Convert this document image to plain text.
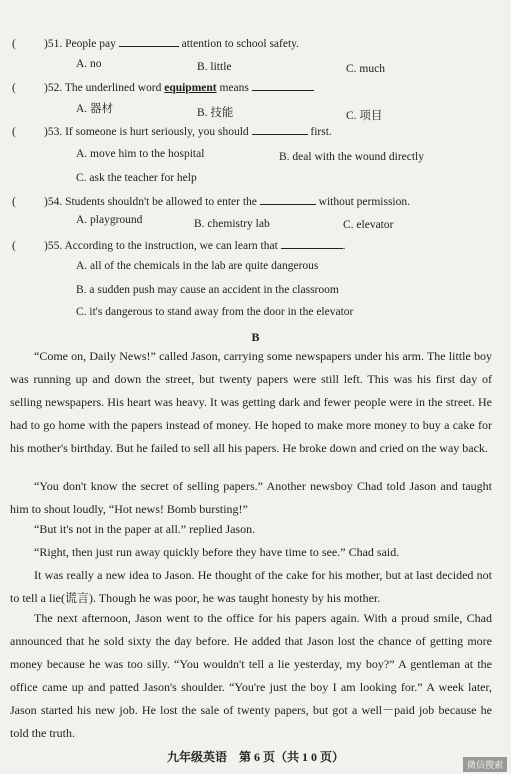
( )51. People pay	attention to school safety.
A. no	B. little	C. much
( )52. The underlined word equipment means
A. 器材	B. 技能	C. 项目
( )53. If someone is hurt seriously, you should	first.
A. move him to the hospital	B. deal with the wound directly
C. ask the teacher for help
( )54. Students shouldn't be allowed to enter the	without permission.
A. playground	B. chemistry lab	C. elevator
( )55. According to the instruction, we can learn that	.
A. all of the chemicals in the lab are quite dangerous
B. a sudden push may cause an accident in the classroom
C. it's dangerous to stand away from the door in the elevator
B
“Come on, Daily News!” called Jason, carrying some newspapers under his arm. The little boy was running up and down the street, but twenty papers were still left. This was his first day of selling newspapers. His heart was heavy. It was getting dark and fewer people were in the street. He had to go home with the papers instead of money. He hoped to make more money to buy a cake for his mother's birthday. But he failed to sell all his papers. He broke down and cried on the way back.
“You don't know the secret of selling papers.” Another newsboy Chad told Jason and taught him to shout loudly, “Hot news! Bomb bursting!”
“But it's not in the paper at all.” replied Jason.
“Right, then just run away quickly before they have time to see.” Chad said.
It was really a new idea to Jason. He thought of the cake for his mother, but at last decided not to tell a lie(谎言). Though he was poor, he was taught honesty by his mother.
The next afternoon, Jason went to the office for his papers again. With a proud smile, Chad announced that he sold sixty the day before. He added that Jason lost the chance of getting more money because he was too silly. “You wouldn't tell a lie yesterday, my boy?” A gentleman at the office came up and patted Jason's shoulder. “You're just the boy I am looking for.” A week later, Jason started his new job. He lost the sale of twenty papers, but got a well－paid job because he told the truth.
九年级英语　第 6 页（共 1 0 页）
微信搜索
